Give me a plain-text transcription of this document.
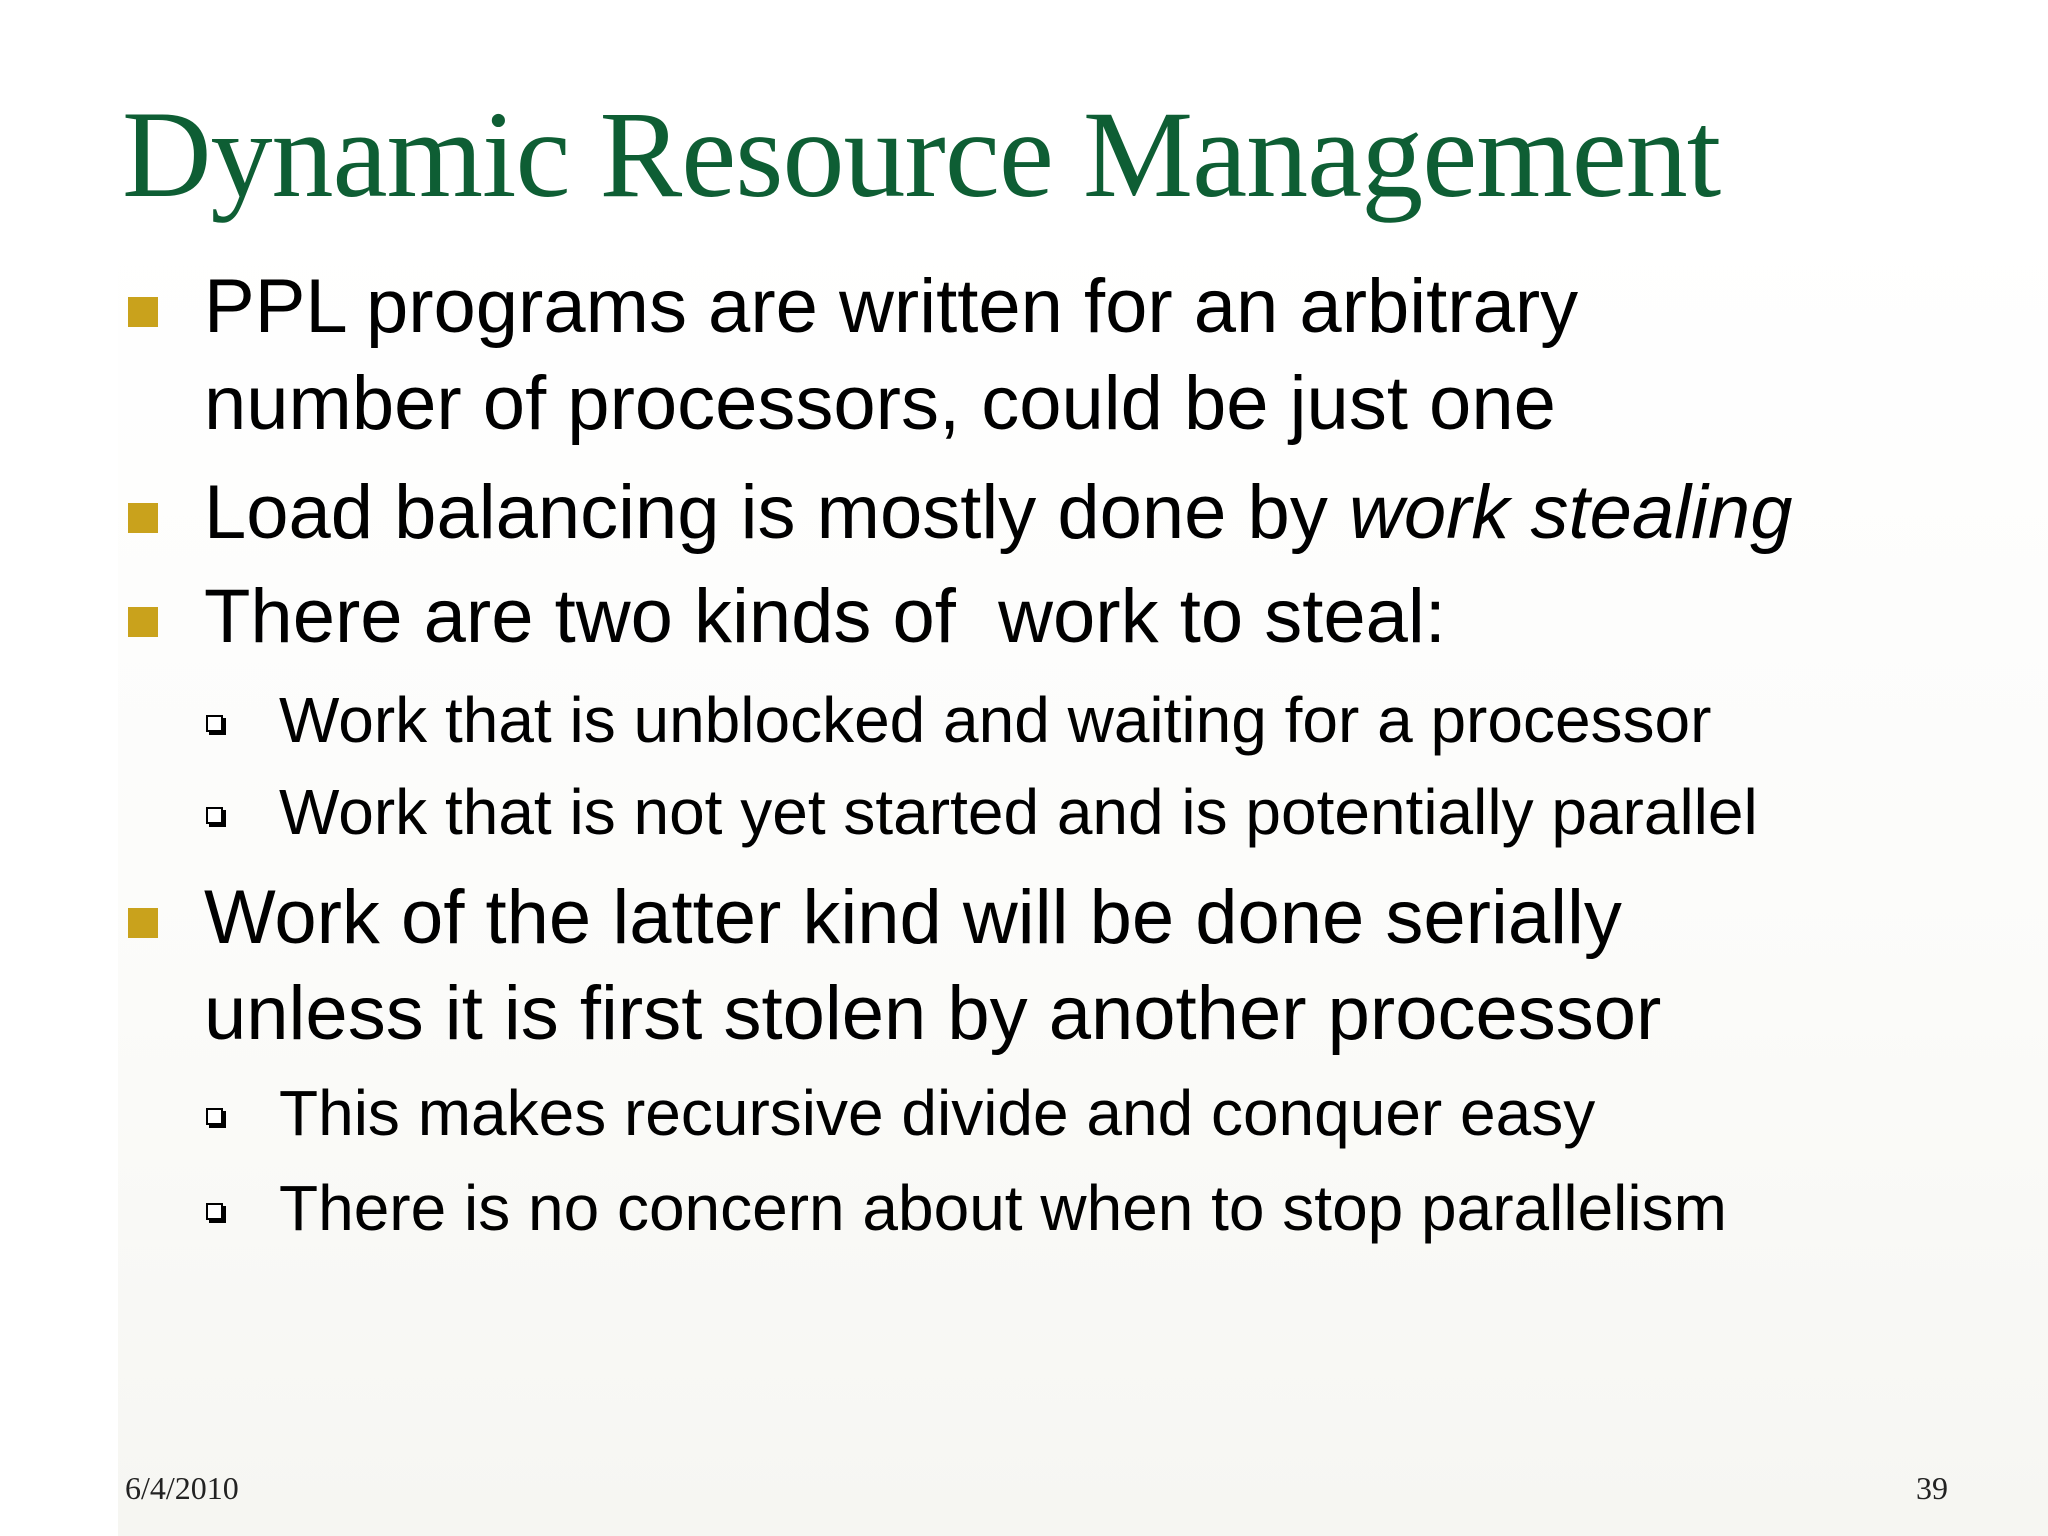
Dynamic Resource Management
PPL programs are written for an arbitrary
number of processors, could be just one
Load balancing is mostly done by work stealing
There are two kinds of  work to steal:
Work that is unblocked and waiting for a processor
Work that is not yet started and is potentially parallel
Work of the latter kind will be done serially
unless it is first stolen by another processor
This makes recursive divide and conquer easy
There is no concern about when to stop parallelism
6/4/2010	39
